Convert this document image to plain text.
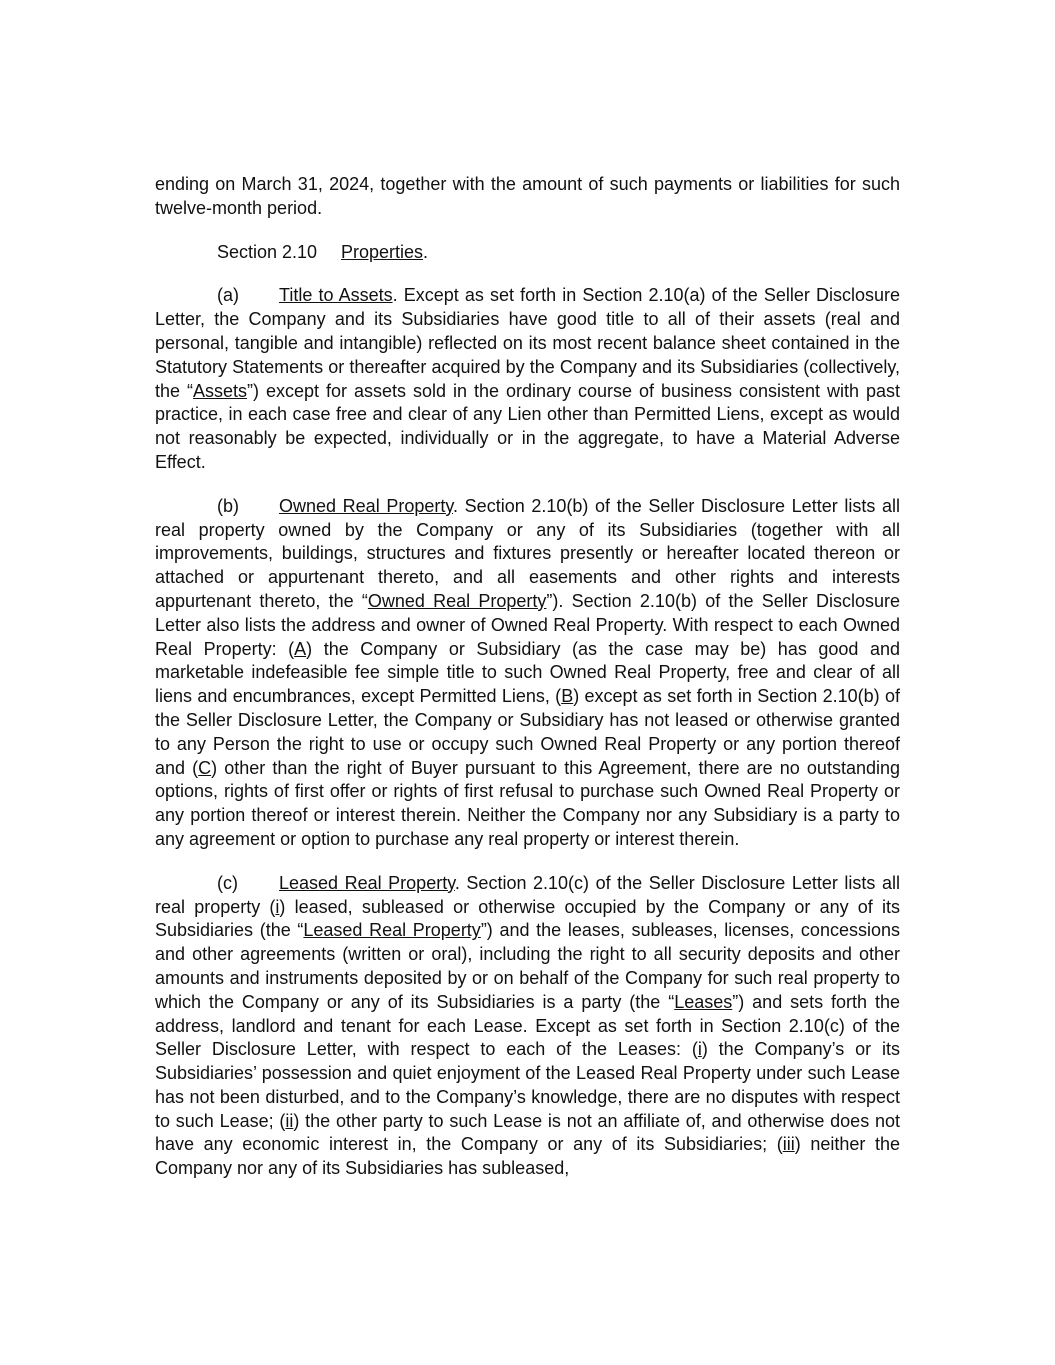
ending on March 31, 2024, together with the amount of such payments or liabilities for such twelve-month period.

Section 2.10 Properties.

(a) Title to Assets. Except as set forth in Section 2.10(a) of the Seller Disclosure Letter, the Company and its Subsidiaries have good title to all of their assets (real and personal, tangible and intangible) reflected on its most recent balance sheet contained in the Statutory Statements or thereafter acquired by the Company and its Subsidiaries (collectively, the “Assets”) except for assets sold in the ordinary course of business consistent with past practice, in each case free and clear of any Lien other than Permitted Liens, except as would not reasonably be expected, individually or in the aggregate, to have a Material Adverse Effect.

(b) Owned Real Property. Section 2.10(b) of the Seller Disclosure Letter lists all real property owned by the Company or any of its Subsidiaries (together with all improvements, buildings, structures and fixtures presently or hereafter located thereon or attached or appurtenant thereto, and all easements and other rights and interests appurtenant thereto, the “Owned Real Property”). Section 2.10(b) of the Seller Disclosure Letter also lists the address and owner of Owned Real Property. With respect to each Owned Real Property: (A) the Company or Subsidiary (as the case may be) has good and marketable indefeasible fee simple title to such Owned Real Property, free and clear of all liens and encumbrances, except Permitted Liens, (B) except as set forth in Section 2.10(b) of the Seller Disclosure Letter, the Company or Subsidiary has not leased or otherwise granted to any Person the right to use or occupy such Owned Real Property or any portion thereof and (C) other than the right of Buyer pursuant to this Agreement, there are no outstanding options, rights of first offer or rights of first refusal to purchase such Owned Real Property or any portion thereof or interest therein. Neither the Company nor any Subsidiary is a party to any agreement or option to purchase any real property or interest therein.

(c) Leased Real Property. Section 2.10(c) of the Seller Disclosure Letter lists all real property (i) leased, subleased or otherwise occupied by the Company or any of its Subsidiaries (the “Leased Real Property”) and the leases, subleases, licenses, concessions and other agreements (written or oral), including the right to all security deposits and other amounts and instruments deposited by or on behalf of the Company for such real property to which the Company or any of its Subsidiaries is a party (the “Leases”) and sets forth the address, landlord and tenant for each Lease. Except as set forth in Section 2.10(c) of the Seller Disclosure Letter, with respect to each of the Leases: (i) the Company’s or its Subsidiaries’ possession and quiet enjoyment of the Leased Real Property under such Lease has not been disturbed, and to the Company’s knowledge, there are no disputes with respect to such Lease; (ii) the other party to such Lease is not an affiliate of, and otherwise does not have any economic interest in, the Company or any of its Subsidiaries; (iii) neither the Company nor any of its Subsidiaries has subleased,
